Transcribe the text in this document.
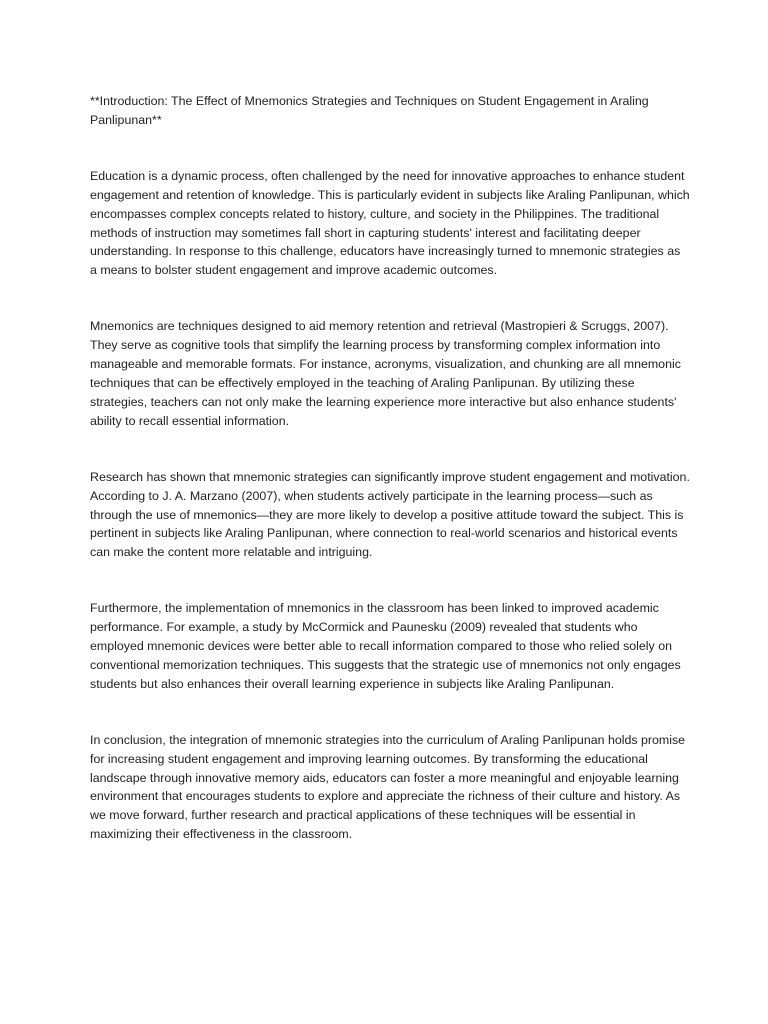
**Introduction: The Effect of Mnemonics Strategies and Techniques on Student Engagement in Araling Panlipunan**

Education is a dynamic process, often challenged by the need for innovative approaches to enhance student engagement and retention of knowledge. This is particularly evident in subjects like Araling Panlipunan, which encompasses complex concepts related to history, culture, and society in the Philippines. The traditional methods of instruction may sometimes fall short in capturing students' interest and facilitating deeper understanding. In response to this challenge, educators have increasingly turned to mnemonic strategies as a means to bolster student engagement and improve academic outcomes.

Mnemonics are techniques designed to aid memory retention and retrieval (Mastropieri & Scruggs, 2007). They serve as cognitive tools that simplify the learning process by transforming complex information into manageable and memorable formats. For instance, acronyms, visualization, and chunking are all mnemonic techniques that can be effectively employed in the teaching of Araling Panlipunan. By utilizing these strategies, teachers can not only make the learning experience more interactive but also enhance students' ability to recall essential information.

Research has shown that mnemonic strategies can significantly improve student engagement and motivation. According to J. A. Marzano (2007), when students actively participate in the learning process—such as through the use of mnemonics—they are more likely to develop a positive attitude toward the subject. This is pertinent in subjects like Araling Panlipunan, where connection to real-world scenarios and historical events can make the content more relatable and intriguing.

Furthermore, the implementation of mnemonics in the classroom has been linked to improved academic performance. For example, a study by McCormick and Paunesku (2009) revealed that students who employed mnemonic devices were better able to recall information compared to those who relied solely on conventional memorization techniques. This suggests that the strategic use of mnemonics not only engages students but also enhances their overall learning experience in subjects like Araling Panlipunan.

In conclusion, the integration of mnemonic strategies into the curriculum of Araling Panlipunan holds promise for increasing student engagement and improving learning outcomes. By transforming the educational landscape through innovative memory aids, educators can foster a more meaningful and enjoyable learning environment that encourages students to explore and appreciate the richness of their culture and history. As we move forward, further research and practical applications of these techniques will be essential in maximizing their effectiveness in the classroom.
